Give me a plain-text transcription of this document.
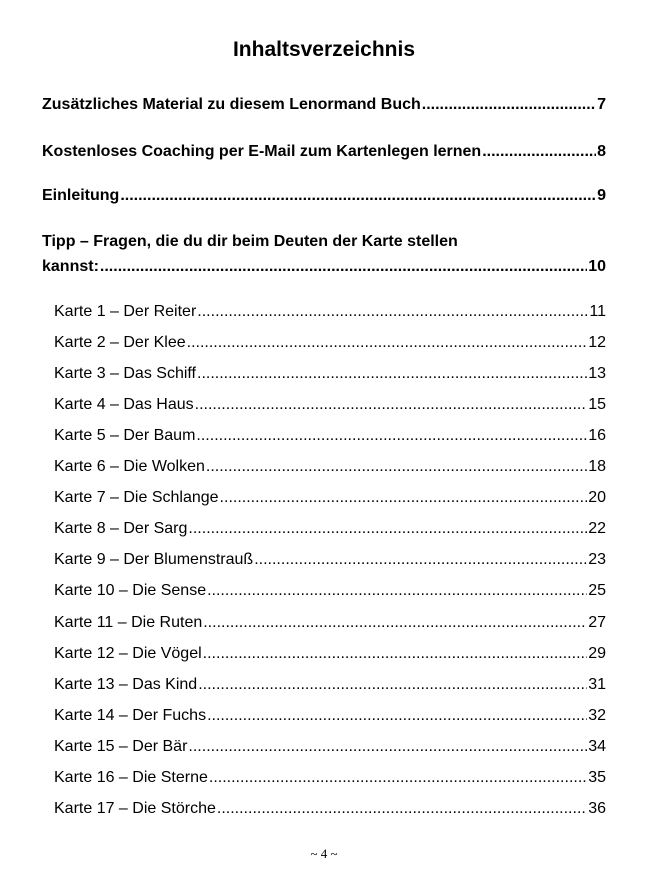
Inhaltsverzeichnis
Zusätzliches Material zu diesem Lenormand Buch .....	7
Kostenloses Coaching per E-Mail zum Kartenlegen lernen .....	8
Einleitung .....	9
Tipp – Fragen, die du dir beim Deuten der Karte stellen
kannst: .....	10
Karte 1 – Der Reiter .....	11
Karte 2 – Der Klee .....	12
Karte 3 – Das Schiff .....	13
Karte 4 – Das Haus .....	15
Karte 5 – Der Baum .....	16
Karte 6 – Die Wolken .....	18
Karte 7 – Die Schlange .....	20
Karte 8 – Der Sarg .....	22
Karte 9 – Der Blumenstrauß .....	23
Karte 10 – Die Sense .....	25
Karte 11 – Die Ruten .....	27
Karte 12 – Die Vögel .....	29
Karte 13 – Das Kind .....	31
Karte 14 – Der Fuchs .....	32
Karte 15 – Der Bär .....	34
Karte 16 – Die Sterne .....	35
Karte 17 – Die Störche .....	36
~ 4 ~
